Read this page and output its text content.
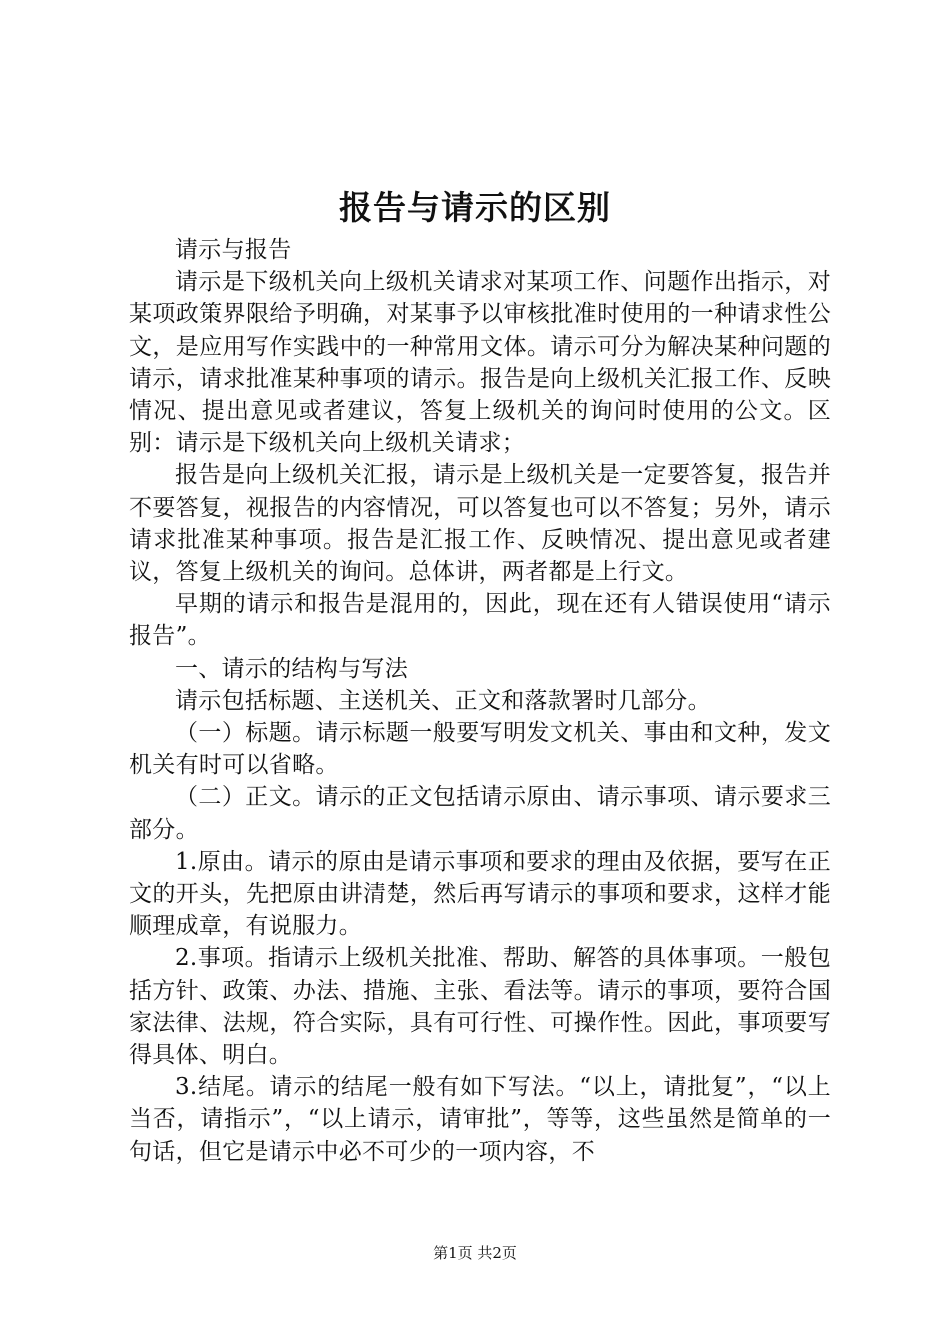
报告与请示的区别

请示与报告

请示是下级机关向上级机关请求对某项工作、问题作出指示，对某项政策界限给予明确，对某事予以审核批准时使用的一种请求性公文，是应用写作实践中的一种常用文体。请示可分为解决某种问题的请示，请求批准某种事项的请示。报告是向上级机关汇报工作、反映情况、提出意见或者建议，答复上级机关的询问时使用的公文。区别：请示是下级机关向上级机关请求；

报告是向上级机关汇报，请示是上级机关是一定要答复，报告并不要答复，视报告的内容情况，可以答复也可以不答复；另外，请示请求批准某种事项。报告是汇报工作、反映情况、提出意见或者建议，答复上级机关的询问。总体讲，两者都是上行文。

早期的请示和报告是混用的，因此，现在还有人错误使用“请示报告”。

一、请示的结构与写法

请示包括标题、主送机关、正文和落款署时几部分。

（一）标题。请示标题一般要写明发文机关、事由和文种，发文机关有时可以省略。

（二）正文。请示的正文包括请示原由、请示事项、请示要求三部分。

1.原由。请示的原由是请示事项和要求的理由及依据，要写在正文的开头，先把原由讲清楚，然后再写请示的事项和要求，这样才能顺理成章，有说服力。

2.事项。指请示上级机关批准、帮助、解答的具体事项。一般包括方针、政策、办法、措施、主张、看法等。请示的事项，要符合国家法律、法规，符合实际，具有可行性、可操作性。因此，事项要写得具体、明白。

3.结尾。请示的结尾一般有如下写法。“以上，请批复”，“以上当否，请指示”，“以上请示，请审批”，等等，这些虽然是简单的一句话，但它是请示中必不可少的一项内容，不

第1页 共2页
